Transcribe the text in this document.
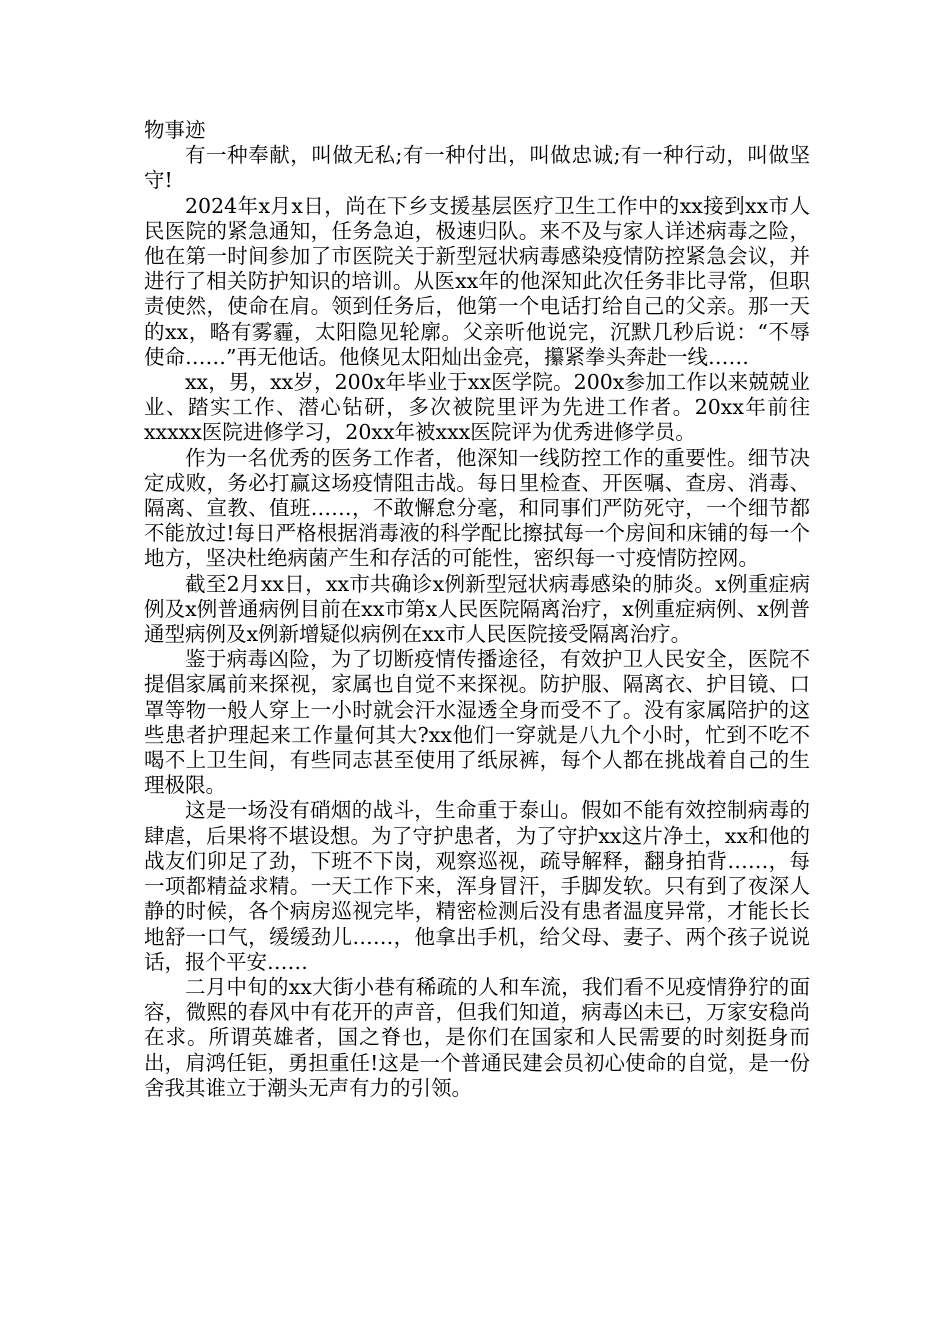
物事迹

有一种奉献，叫做无私;有一种付出，叫做忠诚;有一种行动，叫做坚守!

2024年x月x日，尚在下乡支援基层医疗卫生工作中的xx接到xx市人民医院的紧急通知，任务急迫，极速归队。来不及与家人详述病毒之险，他在第一时间参加了市医院关于新型冠状病毒感染疫情防控紧急会议，并进行了相关防护知识的培训。从医xx年的他深知此次任务非比寻常，但职责使然，使命在肩。领到任务后，他第一个电话打给自己的父亲。那一天的xx，略有雾霾，太阳隐见轮廓。父亲听他说完，沉默几秒后说：“不辱使命……”再无他话。他倏见太阳灿出金亮，攥紧拳头奔赴一线……

xx，男，xx岁，200x年毕业于xx医学院。200x参加工作以来兢兢业业、踏实工作、潜心钻研，多次被院里评为先进工作者。20xx年前往xxxxx医院进修学习，20xx年被xxx医院评为优秀进修学员。

作为一名优秀的医务工作者，他深知一线防控工作的重要性。细节决定成败，务必打赢这场疫情阻击战。每日里检查、开医嘱、查房、消毒、隔离、宣教、值班……，不敢懈怠分毫，和同事们严防死守，一个细节都不能放过!每日严格根据消毒液的科学配比擦拭每一个房间和床铺的每一个地方，坚决杜绝病菌产生和存活的可能性，密织每一寸疫情防控网。

截至2月xx日，xx市共确诊x例新型冠状病毒感染的肺炎。x例重症病例及x例普通病例目前在xx市第x人民医院隔离治疗，x例重症病例、x例普通型病例及x例新增疑似病例在xx市人民医院接受隔离治疗。

鉴于病毒凶险，为了切断疫情传播途径，有效护卫人民安全，医院不提倡家属前来探视，家属也自觉不来探视。防护服、隔离衣、护目镜、口罩等物一般人穿上一小时就会汗水湿透全身而受不了。没有家属陪护的这些患者护理起来工作量何其大?xx他们一穿就是八九个小时，忙到不吃不喝不上卫生间，有些同志甚至使用了纸尿裤，每个人都在挑战着自己的生理极限。

这是一场没有硝烟的战斗，生命重于泰山。假如不能有效控制病毒的肆虐，后果将不堪设想。为了守护患者，为了守护xx这片净土，xx和他的战友们卯足了劲，下班不下岗，观察巡视，疏导解释，翻身拍背……，每一项都精益求精。一天工作下来，浑身冒汗，手脚发软。只有到了夜深人静的时候，各个病房巡视完毕，精密检测后没有患者温度异常，才能长长地舒一口气，缓缓劲儿……，他拿出手机，给父母、妻子、两个孩子说说话，报个平安……

二月中旬的xx大街小巷有稀疏的人和车流，我们看不见疫情狰狞的面容，微熙的春风中有花开的声音，但我们知道，病毒凶未已，万家安稳尚在求。所谓英雄者，国之脊也，是你们在国家和人民需要的时刻挺身而出，肩鸿任钜，勇担重任!这是一个普通民建会员初心使命的自觉，是一份舍我其谁立于潮头无声有力的引领。
